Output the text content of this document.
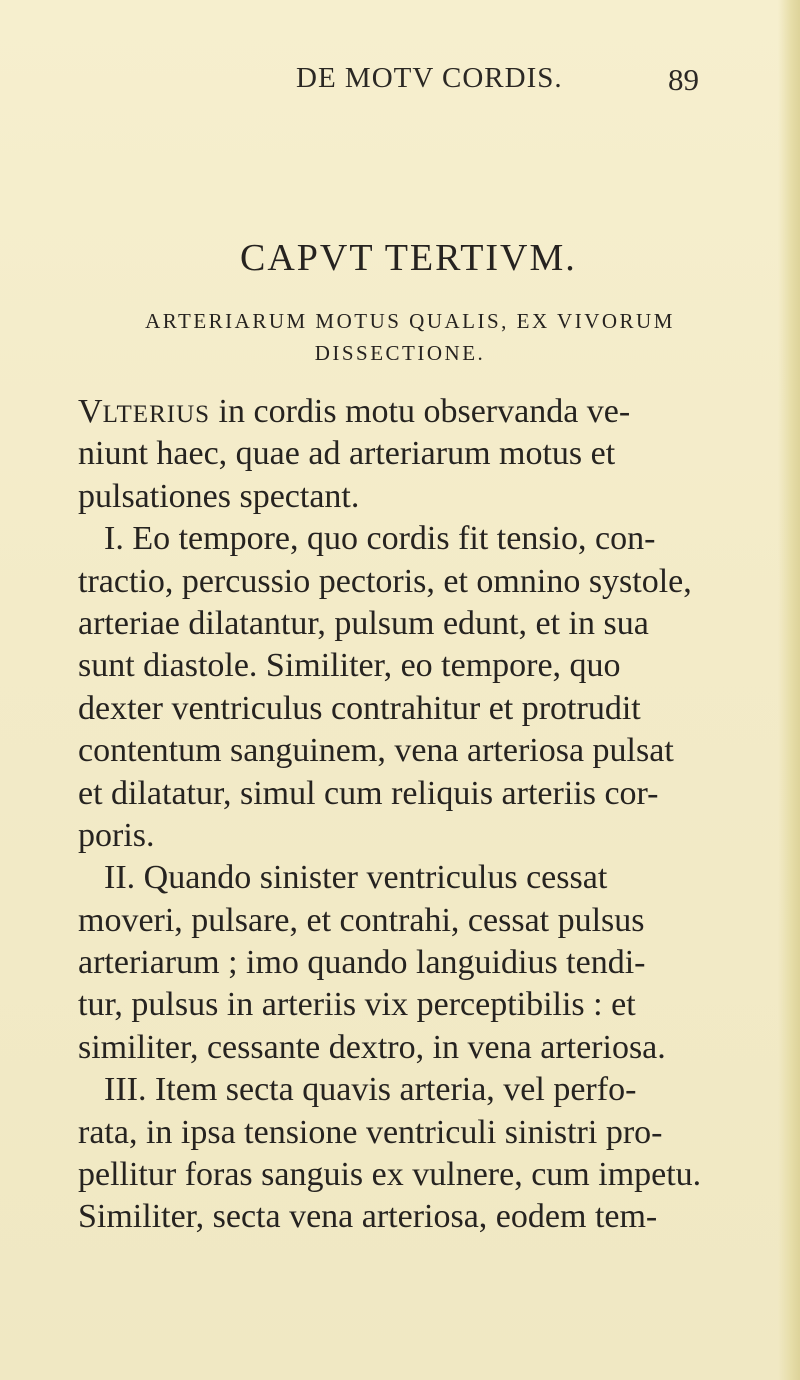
DE MOTV CORDIS.	89
CAPVT TERTIVM.
ARTERIARUM MOTUS QUALIS, EX VIVORUM
DISSECTIONE.
VLTERIUS in cordis motu observanda ve-
niunt haec, quae ad arteriarum motus et
pulsationes spectant.
I. Eo tempore, quo cordis fit tensio, con-
tractio, percussio pectoris, et omnino systole,
arteriae dilatantur, pulsum edunt, et in sua
sunt diastole. Similiter, eo tempore, quo
dexter ventriculus contrahitur et protrudit
contentum sanguinem, vena arteriosa pulsat
et dilatatur, simul cum reliquis arteriis cor-
poris.
II. Quando sinister ventriculus cessat
moveri, pulsare, et contrahi, cessat pulsus
arteriarum ; imo quando languidius tendi-
tur, pulsus in arteriis vix perceptibilis : et
similiter, cessante dextro, in vena arteriosa.
III. Item secta quavis arteria, vel perfo-
rata, in ipsa tensione ventriculi sinistri pro-
pellitur foras sanguis ex vulnere, cum impetu.
Similiter, secta vena arteriosa, eodem tem-
